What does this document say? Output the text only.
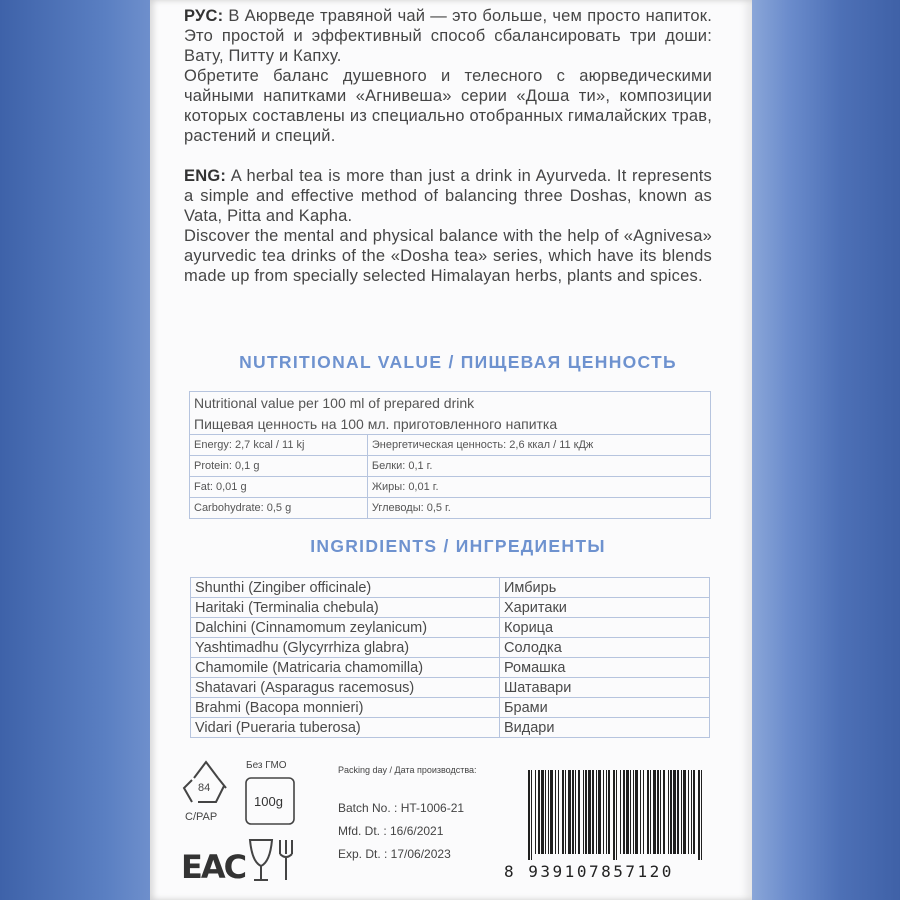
РУС: В Аюрведе травяной чай — это больше, чем просто напиток. Это простой и эффективный способ сбалансировать три доши: Вату, Питту и Капху.

Обретите баланс душевного и телесного с аюрведическими чайными напитками «Агнивеша» серии «Доша ти», композиции которых составлены из специально отобранных гималайских трав, растений и специй.

ENG: A herbal tea is more than just a drink in Ayurveda. It represents a simple and effective method of balancing three Doshas, known as Vata, Pitta and Kapha.

Discover the mental and physical balance with the help of «Agnivesa» ayurvedic tea drinks of the «Dosha tea» series, which have its blends made up from specially selected Himalayan herbs, plants and spices.

NUTRITIONAL VALUE / ПИЩЕВАЯ ЦЕННОСТЬ
Nutritional value per 100 ml of prepared drink	
Пищевая ценность на 100 мл. приготовленного напитка	
Energy: 2,7 kcal / 11 kj	Энергетическая ценность: 2,6 ккал / 11 кДж
Protein: 0,1 g	Белки: 0,1 г.
Fat: 0,01 g	Жиры: 0,01 г.
Carbohydrate: 0,5 g	Углеводы: 0,5 г.
INGRIDIENTS / ИНГРЕДИЕНТЫ
Shunthi (Zingiber officinale)	Имбирь
Haritaki (Terminalia chebula)	Харитаки
Dalchini (Cinnamomum zeylanicum)	Корица
Yashtimadhu (Glycyrrhiza glabra)	Солодка
Chamomile (Matricaria chamomilla)	Ромашка
Shatavari (Asparagus racemosus)	Шатавари
Brahmi (Bacopa monnieri)	Брами
Vidari (Pueraria tuberosa)	Видари
84
C/PAP
Без ГМО
100g
ЕАС
Packing day / Дата производства:
Batch No. : HT-1006-21
Mfd. Dt. : 16/6/2021
Exp. Dt. : 17/06/2023
8 939107857120
